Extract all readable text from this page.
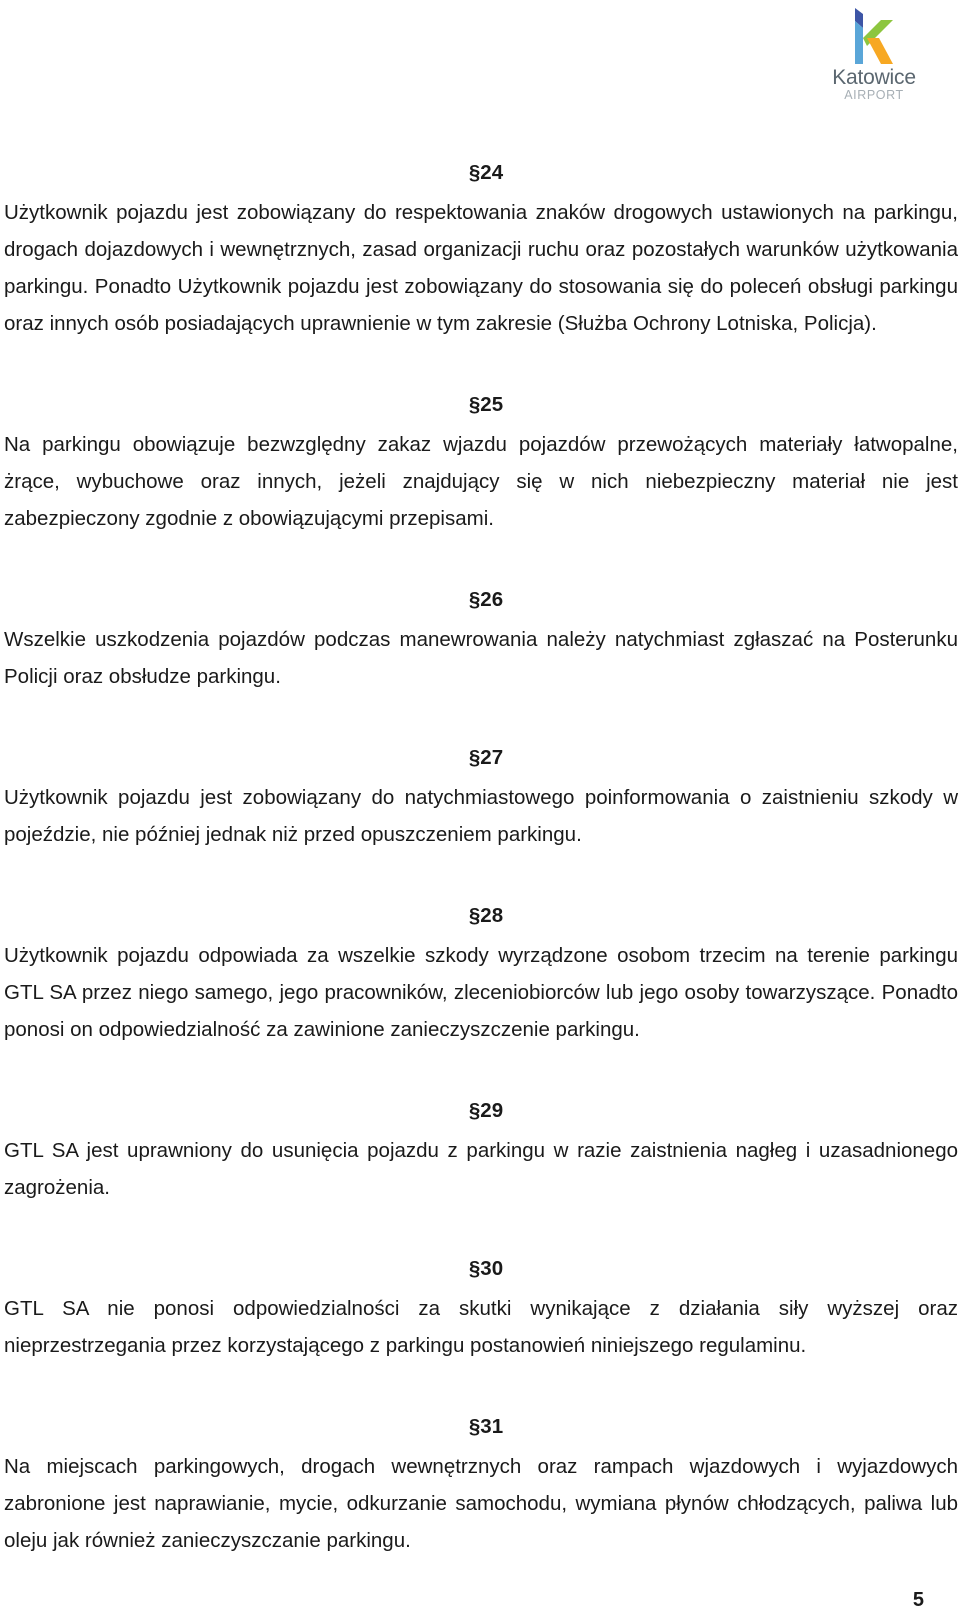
Katowice
AIRPORT
§24

Użytkownik pojazdu jest zobowiązany do respektowania znaków drogowych ustawionych na parkingu, drogach dojazdowych i wewnętrznych, zasad organizacji ruchu oraz pozostałych warunków użytkowania parkingu. Ponadto Użytkownik pojazdu jest zobowiązany do stosowania się do poleceń obsługi parkingu oraz innych osób posiadających uprawnienie w tym zakresie (Służba Ochrony Lotniska, Policja).

§25

Na parkingu obowiązuje bezwzględny zakaz wjazdu pojazdów przewożących materiały łatwopalne, żrące, wybuchowe oraz innych, jeżeli znajdujący się w nich niebezpieczny materiał nie jest zabezpieczony zgodnie z obowiązującymi przepisami.

§26

Wszelkie uszkodzenia pojazdów podczas manewrowania należy natychmiast zgłaszać na Posterunku Policji oraz obsłudze parkingu.

§27

Użytkownik pojazdu jest zobowiązany do natychmiastowego poinformowania o zaistnieniu szkody w pojeździe, nie później jednak niż przed opuszczeniem parkingu.

§28

Użytkownik pojazdu odpowiada za wszelkie szkody wyrządzone osobom trzecim na terenie parkingu GTL SA przez niego samego, jego pracowników, zleceniobiorców lub jego osoby towarzyszące. Ponadto ponosi on odpowiedzialność za zawinione zanieczyszczenie parkingu.

§29

GTL SA jest uprawniony do usunięcia pojazdu z parkingu w razie zaistnienia nagłeg i uzasadnionego zagrożenia.

§30

GTL SA nie ponosi odpowiedzialności za skutki wynikające z działania siły wyższej oraz nieprzestrzegania przez korzystającego z parkingu postanowień niniejszego regulaminu.

§31

Na miejscach parkingowych, drogach wewnętrznych oraz rampach wjazdowych i wyjazdowych zabronione jest naprawianie, mycie, odkurzanie samochodu, wymiana płynów chłodzących, paliwa lub oleju jak również zanieczyszczanie parkingu.

5
